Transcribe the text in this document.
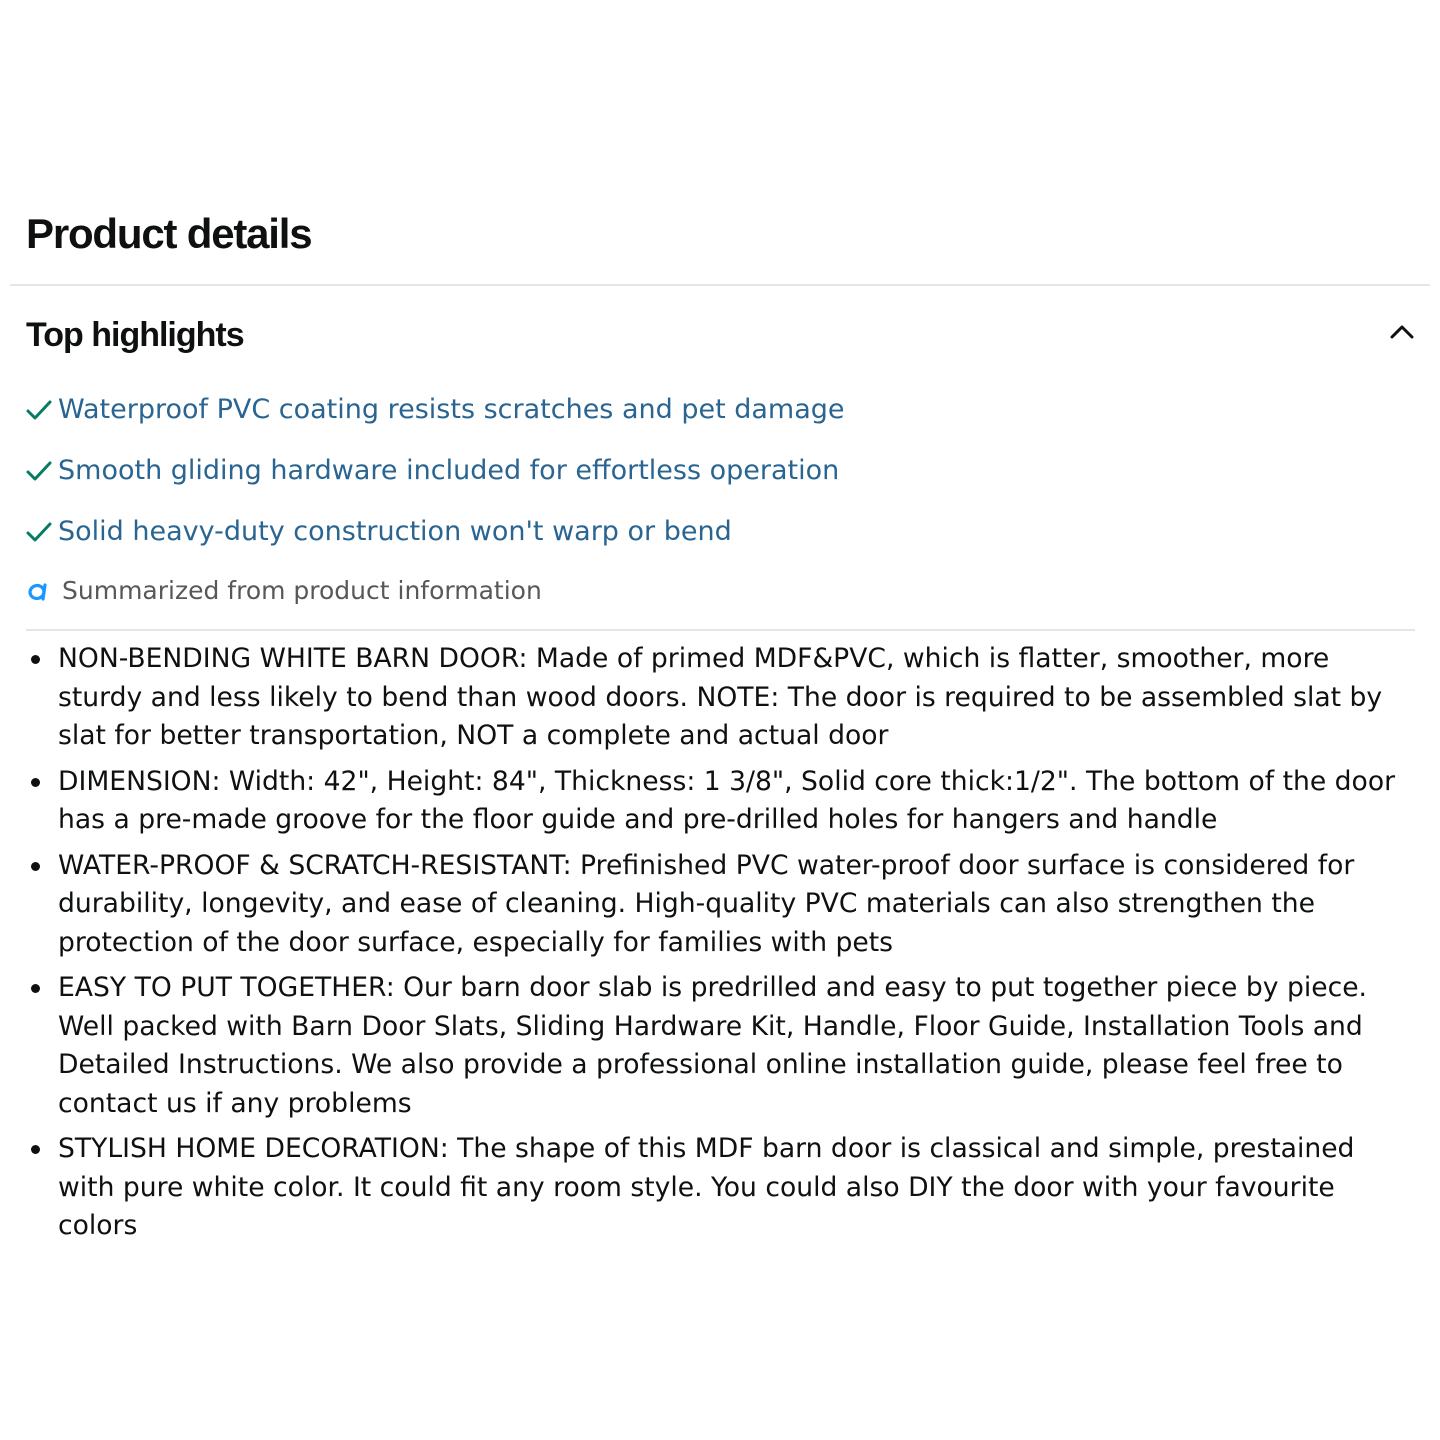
Product details
Top highlights
Waterproof PVC coating resists scratches and pet damage
Smooth gliding hardware included for effortless operation
Solid heavy-duty construction won't warp or bend
Summarized from product information
NON-BENDING WHITE BARN DOOR: Made of primed MDF&PVC, which is flatter, smoother, more sturdy and less likely to bend than wood doors. NOTE: The door is required to be assembled slat by slat for better transportation, NOT a complete and actual door
DIMENSION: Width: 42", Height: 84", Thickness: 1 3/8", Solid core thick:1/2". The bottom of the door has a pre-made groove for the floor guide and pre-drilled holes for hangers and handle
WATER-PROOF & SCRATCH-RESISTANT: Prefinished PVC water-proof door surface is considered for durability, longevity, and ease of cleaning. High-quality PVC materials can also strengthen the protection of the door surface, especially for families with pets
EASY TO PUT TOGETHER: Our barn door slab is predrilled and easy to put together piece by piece. Well packed with Barn Door Slats, Sliding Hardware Kit, Handle, Floor Guide, Installation Tools and Detailed Instructions. We also provide a professional online installation guide, please feel free to contact us if any problems
STYLISH HOME DECORATION: The shape of this MDF barn door is classical and simple, prestained with pure white color. It could fit any room style. You could also DIY the door with your favourite colors
